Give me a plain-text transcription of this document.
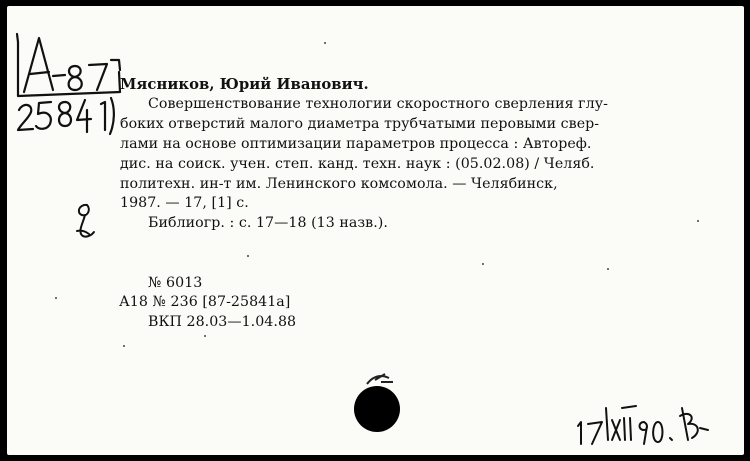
Мясников, Юрий Иванович.
Совершенствование технологии скоростного сверления глу-
боких отверстий малого диаметра трубчатыми перовыми свер-
лами на основе оптимизации параметров процесса : Автореф.
дис. на соиск. учен. степ. канд. техн. наук : (05.02.08) / Челяб.
политехн. ин-т им. Ленинского комсомола. — Челябинск,
1987. — 17, [1] с.
Библиогр. : с. 17—18 (13 назв.).
№ 6013
А18 № 236 [87-25841а]
ВКП 28.03—1.04.88
